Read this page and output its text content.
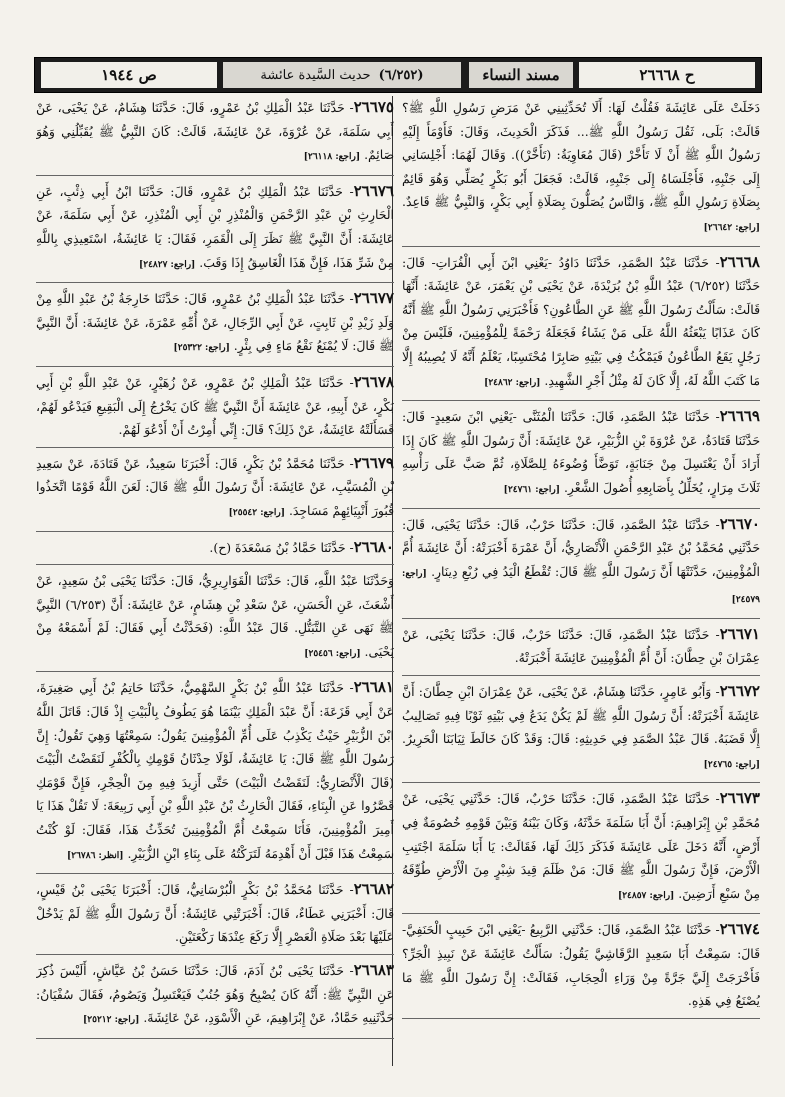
ح ٢٦٦٦٨
مسند النساء
حديث السَّيدة عائشة (٦/٢٥٢)
ص ١٩٤٤
دَخَلَتْ عَلَى عَائِشَةَ فَقُلْتُ لَهَا: أَلَا تُحَدِّثِينِي عَنْ مَرَضِ رَسُولِ اللَّهِ ﷺ؟ قَالَتْ: بَلَى، ثَقُلَ رَسُولُ اللَّهِ ﷺ... فَذَكَرَ الْحَدِيثَ، وَقَالَ: فَأَوْمَأَ إِلَيْهِ رَسُولُ اللَّهِ ﷺ أَنْ لَا تَأَخَّرْ (قَالَ مُعَاوِيَةُ: (تَأَخَّرْ)). وَقَالَ لَهُمَا: أَجْلِسَانِي إِلَى جَنْبِهِ، فَأَجْلَسَاهُ إِلَى جَنْبِهِ، قَالَتْ: فَجَعَلَ أَبُو بَكْرٍ يُصَلِّي وَهُوَ قَائِمٌ بِصَلَاةِ رَسُولِ اللَّهِ ﷺ، وَالنَّاسُ يُصَلُّونَ بِصَلَاةِ أَبِي بَكْرٍ، وَالنَّبِيُّ ﷺ قَاعِدٌ. [راجع: ٢٦٦٤٢]
٢٦٦٦٨- حَدَّثَنَا عَبْدُ الصَّمَدِ، حَدَّثَنَا دَاوُدُ -يَعْنِي ابْنَ أَبِي الْفُرَاتِ- قَالَ: حَدَّثَنَا (٦/٢٥٢) عَبْدُ اللَّهِ بْنُ بُرَيْدَةَ، عَنْ يَحْيَى بْنِ يَعْمَرَ، عَنْ عَائِشَةَ: أَنَّهَا قَالَتْ: سَأَلْتُ رَسُولَ اللَّهِ ﷺ عَنِ الطَّاعُونِ؟ فَأَخْبَرَنِي رَسُولُ اللَّهِ ﷺ أَنَّهُ كَانَ عَذَابًا يَبْعَثُهُ اللَّهُ عَلَى مَنْ يَشَاءُ فَجَعَلَهُ رَحْمَةً لِلْمُؤْمِنِينَ، فَلَيْسَ مِنْ رَجُلٍ يَقَعُ الطَّاعُونُ فَيَمْكُثُ فِي بَيْتِهِ صَابِرًا مُحْتَسِبًا، يَعْلَمُ أَنَّهُ لَا يُصِيبُهُ إِلَّا مَا كَتَبَ اللَّهُ لَهُ، إِلَّا كَانَ لَهُ مِثْلُ أَجْرِ الشَّهِيدِ. [راجع: ٢٤٨٦٢]
٢٦٦٦٩- حَدَّثَنَا عَبْدُ الصَّمَدِ، قَالَ: حَدَّثَنَا الْمُثَنَّى -يَعْنِي ابْنَ سَعِيدٍ- قَالَ: حَدَّثَنَا قَتَادَةُ، عَنْ عُرْوَةَ بْنِ الزُّبَيْرِ، عَنْ عَائِشَةَ: أَنَّ رَسُولَ اللَّهِ ﷺ كَانَ إِذَا أَرَادَ أَنْ يَغْتَسِلَ مِنْ جَنَابَةٍ، تَوَضَّأَ وُضُوءَهُ لِلصَّلَاةِ، ثُمَّ صَبَّ عَلَى رَأْسِهِ ثَلَاثَ مِرَارٍ، يُخَلِّلُ بِأَصَابِعِهِ أُصُولَ الشَّعْرِ. [راجع: ٢٤٧٦١]
٢٦٦٧٠- حَدَّثَنَا عَبْدُ الصَّمَدِ، قَالَ: حَدَّثَنَا حَرْبٌ، قَالَ: حَدَّثَنَا يَحْيَى، قَالَ: حَدَّثَنِي مُحَمَّدُ بْنُ عَبْدِ الرَّحْمَنِ الْأَنْصَارِيُّ، أَنَّ عَمْرَةَ أَخْبَرَتْهُ: أَنَّ عَائِشَةَ أُمَّ الْمُؤْمِنِينَ، حَدَّثَتْهَا أَنَّ رَسُولَ اللَّهِ ﷺ قَالَ: تُقْطَعُ الْيَدُ فِي رُبْعِ دِينَارٍ. [راجع: ٢٤٥٧٩]
٢٦٦٧١- حَدَّثَنَا عَبْدُ الصَّمَدِ، قَالَ: حَدَّثَنَا حَرْبٌ، قَالَ: حَدَّثَنَا يَحْيَى، عَنْ عِمْرَانَ بْنِ حِطَّانَ: أَنَّ أُمَّ الْمُؤْمِنِينَ عَائِشَةَ أَخْبَرَتْهُ.
٢٦٦٧٢- وَأَبُو عَامِرٍ، حَدَّثَنَا هِشَامٌ، عَنْ يَحْيَى، عَنْ عِمْرَانَ ابْنِ حِطَّانَ: أَنَّ عَائِشَةَ أَخْبَرَتْهُ: أَنَّ رَسُولَ اللَّهِ ﷺ لَمْ يَكُنْ يَدَعُ فِي بَيْتِهِ ثَوْبًا فِيهِ تَصَالِيبُ إِلَّا قَضَبَهُ. قَالَ عَبْدُ الصَّمَدِ فِي حَدِيثِهِ: قَالَ: وَقَدْ كَانَ خَالَطَ ثِيَابَنَا الْحَرِيرُ. [راجع: ٢٤٧٦٥]
٢٦٦٧٣- حَدَّثَنَا عَبْدُ الصَّمَدِ، قَالَ: حَدَّثَنَا حَرْبٌ، قَالَ: حَدَّثَنِي يَحْيَى، عَنْ مُحَمَّدِ بْنِ إِبْرَاهِيمَ: أَنَّ أَبَا سَلَمَةَ حَدَّثَهُ، وَكَانَ بَيْنَهُ وَبَيْنَ قَوْمِهِ خُصُومَةٌ فِي أَرْضٍ، أَنَّهُ دَخَلَ عَلَى عَائِشَةَ فَذَكَرَ ذَلِكَ لَهَا، فَقَالَتْ: يَا أَبَا سَلَمَةَ اجْتَنِبِ الْأَرْضَ، فَإِنَّ رَسُولَ اللَّهِ ﷺ قَالَ: مَنْ ظَلَمَ قِيدَ شِبْرٍ مِنَ الْأَرْضِ طُوِّقَهُ مِنْ سَبْعِ أَرَضِينَ. [راجع: ٢٤٨٥٧]
٢٦٦٧٤- حَدَّثَنَا عَبْدُ الصَّمَدِ، قَالَ: حَدَّثَنِي الرَّبِيعُ -يَعْنِي ابْنَ حَبِيبٍ الْحَنَفِيَّ- قَالَ: سَمِعْتُ أَبَا سَعِيدٍ الرَّقَاشِيَّ يَقُولُ: سَأَلْتُ عَائِشَةَ عَنْ نَبِيذِ الْجَرِّ؟ فَأَخْرَجَتْ إِلَيَّ جَرَّةً مِنْ وَرَاءِ الْحِجَابِ، فَقَالَتْ: إِنَّ رَسُولَ اللَّهِ ﷺ مَا يُصْنَعُ فِي هَذِهِ.
٢٦٦٧٥- حَدَّثَنَا عَبْدُ الْمَلِكِ بْنُ عَمْرٍو، قَالَ: حَدَّثَنَا هِشَامٌ، عَنْ يَحْيَى، عَنْ أَبِي سَلَمَةَ، عَنْ عُرْوَةَ، عَنْ عَائِشَةَ، قَالَتْ: كَانَ النَّبِيُّ ﷺ يُقَبِّلُنِي وَهُوَ صَائِمٌ. [راجع: ٢٦١١٨]
٢٦٦٧٦- حَدَّثَنَا عَبْدُ الْمَلِكِ بْنُ عَمْرٍو، قَالَ: حَدَّثَنَا ابْنُ أَبِي ذِئْبٍ، عَنِ الْحَارِثِ بْنِ عَبْدِ الرَّحْمَنِ وَالْمُنْذِرِ بْنِ أَبِي الْمُنْذِرِ، عَنْ أَبِي سَلَمَةَ، عَنْ عَائِشَةَ: أَنَّ النَّبِيَّ ﷺ نَظَرَ إِلَى الْقَمَرِ، فَقَالَ: يَا عَائِشَةُ، اسْتَعِيذِي بِاللَّهِ مِنْ شَرِّ هَذَا، فَإِنَّ هَذَا الْغَاسِقُ إِذَا وَقَبَ. [راجع: ٢٤٨٢٧]
٢٦٦٧٧- حَدَّثَنَا عَبْدُ الْمَلِكِ بْنُ عَمْرٍو، قَالَ: حَدَّثَنَا خَارِجَةُ بْنُ عَبْدِ اللَّهِ مِنْ وَلَدِ زَيْدِ بْنِ ثَابِتٍ، عَنْ أَبِي الرِّجَالِ، عَنْ أُمِّهِ عَمْرَةَ، عَنْ عَائِشَةَ: أَنَّ النَّبِيَّ ﷺ قَالَ: لَا يُمْنَعُ نَقْعُ مَاءٍ فِي بِئْرٍ. [راجع: ٢٥٣٢٢]
٢٦٦٧٨- حَدَّثَنَا عَبْدُ الْمَلِكِ بْنُ عَمْرٍو، عَنْ زُهَيْرٍ، عَنْ عَبْدِ اللَّهِ بْنِ أَبِي بَكْرٍ، عَنْ أَبِيهِ، عَنْ عَائِشَةَ أَنَّ النَّبِيَّ ﷺ كَانَ يَخْرُجُ إِلَى الْبَقِيعِ فَيَدْعُو لَهُمْ، فَسَأَلَتْهُ عَائِشَةُ، عَنْ ذَلِكَ؟ قَالَ: إِنِّي أُمِرْتُ أَنْ أَدْعُوَ لَهُمْ.
٢٦٦٧٩- حَدَّثَنَا مُحَمَّدُ بْنُ بَكْرٍ، قَالَ: أَخْبَرَنَا سَعِيدٌ، عَنْ قَتَادَةَ، عَنْ سَعِيدِ بْنِ الْمُسَيَّبِ، عَنْ عَائِشَةَ: أَنَّ رَسُولَ اللَّهِ ﷺ قَالَ: لَعَنَ اللَّهُ قَوْمًا اتَّخَذُوا قُبُورَ أَنْبِيَائِهِمْ مَسَاجِدَ. [راجع: ٢٥٥٤٢]
٢٦٦٨٠- حَدَّثَنَا حَمَّادُ بْنُ مَسْعَدَةَ (ح).
وَحَدَّثَنَا عَبْدُ اللَّهِ، قَالَ: حَدَّثَنَا الْقَوَارِيرِيُّ، قَالَ: حَدَّثَنَا يَحْيَى بْنُ سَعِيدٍ، عَنْ أَشْعَثَ، عَنِ الْحَسَنِ، عَنْ سَعْدِ بْنِ هِشَامٍ، عَنْ عَائِشَةَ: أَنَّ (٦/٢٥٣) النَّبِيَّ ﷺ نَهَى عَنِ التَّبَتُّلِ. قَالَ عَبْدُ اللَّهِ: (فَحَدَّثْتُ أَبِي فَقَالَ: لَمْ أَسْمَعْهُ مِنْ يَحْيَى. [راجع: ٢٥٤٥٦]
٢٦٦٨١- حَدَّثَنَا عَبْدُ اللَّهِ بْنُ بَكْرٍ السَّهْمِيُّ، حَدَّثَنَا حَاتِمُ بْنُ أَبِي صَغِيرَةَ، عَنْ أَبِي قَزَعَةَ: أَنَّ عَبْدَ الْمَلِكِ بَيْنَمَا هُوَ يَطُوفُ بِالْبَيْتِ إِذْ قَالَ: قَاتَلَ اللَّهُ ابْنَ الزُّبَيْرِ حَيْثُ يَكْذِبُ عَلَى أُمِّ الْمُؤْمِنِينَ يَقُولُ: سَمِعْتُهَا وَهِيَ تَقُولُ: إِنَّ رَسُولَ اللَّهِ ﷺ قَالَ: يَا عَائِشَةُ، لَوْلَا حِدْثَانُ قَوْمِكِ بِالْكُفْرِ لَنَقَضْتُ الْبَيْتَ (قَالَ الْأَنْصَارِيُّ: لَنَقَضْتُ الْبَيْتَ) حَتَّى أَزِيدَ فِيهِ مِنَ الْحِجْرِ، فَإِنَّ قَوْمَكِ قَصَّرُوا عَنِ الْبِنَاءِ، فَقَالَ الْحَارِثُ بْنُ عَبْدِ اللَّهِ بْنِ أَبِي رَبِيعَةَ: لَا تَقُلْ هَذَا يَا أَمِيرَ الْمُؤْمِنِينَ، فَأَنَا سَمِعْتُ أُمَّ الْمُؤْمِنِينَ تُحَدِّثُ هَذَا، فَقَالَ: لَوْ كُنْتُ سَمِعْتُ هَذَا قَبْلَ أَنْ أَهْدِمَهُ لَتَرَكْتُهُ عَلَى بِنَاءِ ابْنِ الزُّبَيْرِ. [انظر: ٢٦٧٨٦]
٢٦٦٨٢- حَدَّثَنَا مُحَمَّدُ بْنُ بَكْرٍ الْبُرْسَانِيُّ، قَالَ: أَخْبَرَنَا يَحْيَى بْنُ قَيْسٍ، قَالَ: أَخْبَرَنِي عَطَاءٌ، قَالَ: أَخْبَرَتْنِي عَائِشَةُ: أَنَّ رَسُولَ اللَّهِ ﷺ لَمْ يَدْخُلْ عَلَيْهَا بَعْدَ صَلَاةِ الْعَصْرِ إِلَّا رَكَعَ عِنْدَهَا رَكْعَتَيْنِ.
٢٦٦٨٣- حَدَّثَنَا يَحْيَى بْنُ آدَمَ، قَالَ: حَدَّثَنَا حَسَنُ بْنُ عَيَّاشٍ، أَلَيْسَ ذُكِرَ عَنِ النَّبِيِّ ﷺ: أَنَّهُ كَانَ يُصْبِحُ وَهُوَ جُنُبٌ فَيَغْتَسِلُ وَيَصُومُ، فَقَالَ سُفْيَانُ: حَدَّثَنِيهِ حَمَّادٌ، عَنْ إِبْرَاهِيمَ، عَنِ الْأَسْوَدِ، عَنْ عَائِشَةَ. [راجع: ٢٥٢١٢]
